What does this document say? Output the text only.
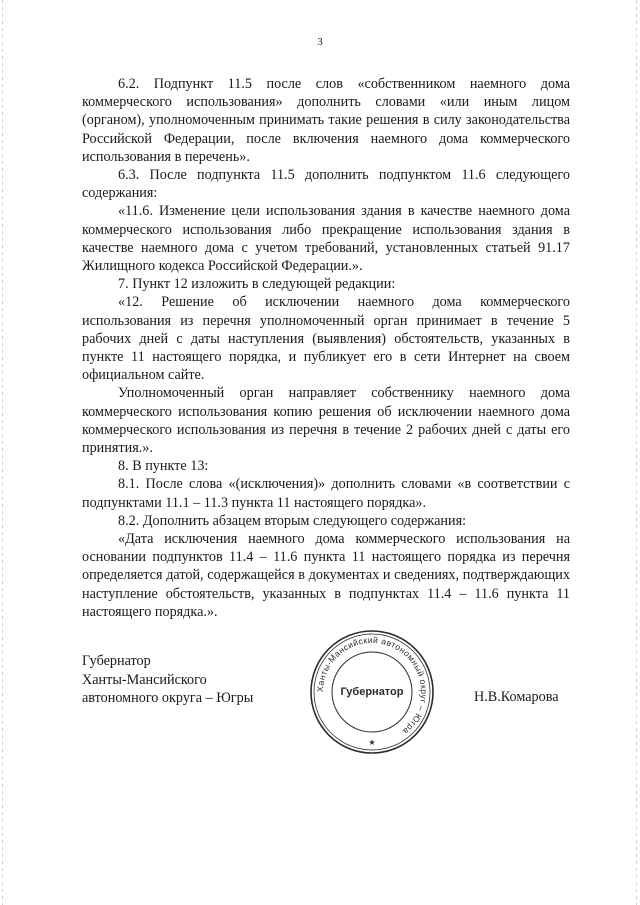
3

6.2. Подпункт 11.5 после слов «собственником наемного дома коммерческого использования» дополнить словами «или иным лицом (органом), уполномоченным принимать такие решения в силу законодательства Российской Федерации, после включения наемного дома коммерческого использования в перечень».

6.3. После подпункта 11.5 дополнить подпунктом 11.6 следующего содержания:

«11.6. Изменение цели использования здания в качестве наемного дома коммерческого использования либо прекращение использования здания в качестве наемного дома с учетом требований, установленных статьей 91.17 Жилищного кодекса Российской Федерации.».

7. Пункт 12 изложить в следующей редакции:

«12. Решение об исключении наемного дома коммерческого использования из перечня уполномоченный орган принимает в течение 5 рабочих дней с даты наступления (выявления) обстоятельств, указанных в пункте 11 настоящего порядка, и публикует его в сети Интернет на своем официальном сайте.

Уполномоченный орган направляет собственнику наемного дома коммерческого использования копию решения об исключении наемного дома коммерческого использования из перечня в течение 2 рабочих дней с даты его принятия.».

8. В пункте 13:

8.1. После слова «(исключения)» дополнить словами «в соответствии с подпунктами 11.1 – 11.3 пункта 11 настоящего порядка».

8.2. Дополнить абзацем вторым следующего содержания:

«Дата исключения наемного дома коммерческого использования на основании подпунктов 11.4 – 11.6 пункта 11 настоящего порядка из перечня определяется датой, содержащейся в документах и сведениях, подтверждающих наступление обстоятельств, указанных в подпунктах 11.4 – 11.6 пункта 11 настоящего порядка.».

Губернатор
Ханты-Мансийского
автономного округа – Югры
Ханты-Мансийский автономный округ – Югра
Губернатор
★
Н.В.Комарова
